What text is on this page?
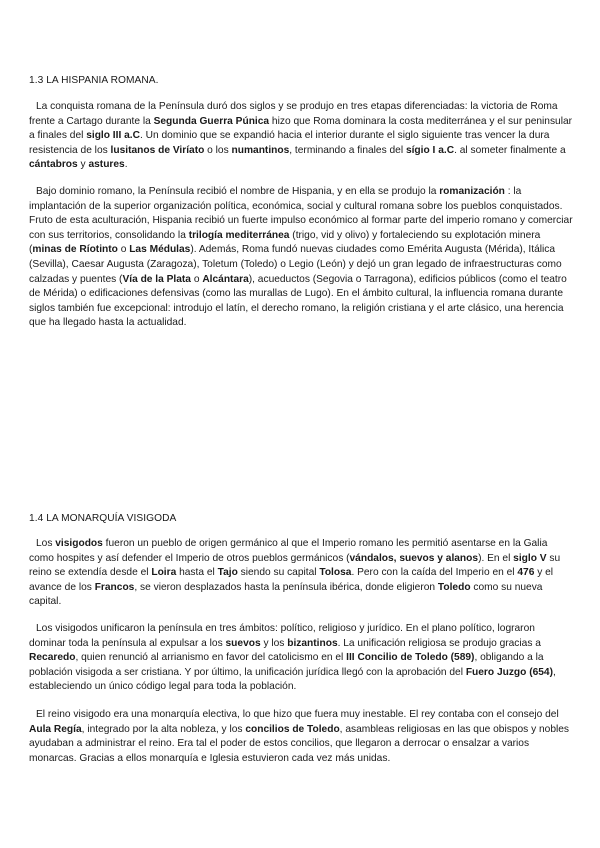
1.3 LA HISPANIA ROMANA.

La conquista romana de la Península duró dos siglos y se produjo en tres etapas diferenciadas: la victoria de Roma frente a Cartago durante la Segunda Guerra Púnica hizo que Roma dominara la costa mediterránea y el sur peninsular a finales del siglo III a.C. Un dominio que se expandió hacia el interior durante el siglo siguiente tras vencer la dura resistencia de los lusitanos de Viríato o los numantinos, terminando a finales del sígio I a.C. al someter finalmente a cántabros y astures.

Bajo dominio romano, la Península recibió el nombre de Hispania, y en ella se produjo la romanización : la implantación de la superior organización política, económica, social y cultural romana sobre los pueblos conquistados. Fruto de esta aculturación, Hispania recibió un fuerte impulso económico al formar parte del imperio romano y comerciar con sus territorios, consolidando la trilogía mediterránea (trigo, vid y olivo) y fortaleciendo su explotación minera (minas de Ríotinto o Las Médulas). Además, Roma fundó nuevas ciudades como Emérita Augusta (Mérida), Itálica (Sevilla), Caesar Augusta (Zaragoza), Toletum (Toledo) o Legio (León) y dejó un gran legado de infraestructuras como calzadas y puentes (Vía de la Plata o Alcántara), acueductos (Segovia o Tarragona), edificios públicos (como el teatro de Mérida) o edificaciones defensivas (como las murallas de Lugo). En el ámbito cultural, la influencia romana durante siglos también fue excepcional: introdujo el latín, el derecho romano, la religión cristiana y el arte clásico, una herencia que ha llegado hasta la actualidad.

1.4 LA MONARQUÍA VISIGODA

Los visigodos fueron un pueblo de origen germánico al que el Imperio romano les permitió asentarse en la Galia como hospites y así defender el Imperio de otros pueblos germánicos (vándalos, suevos y alanos). En el siglo V su reino se extendía desde el Loira hasta el Tajo siendo su capital Tolosa. Pero con la caída del Imperio en el 476 y el avance de los Francos, se vieron desplazados hasta la península ibérica, donde eligieron Toledo como su nueva capital.

Los visigodos unificaron la península en tres ámbitos: político, religioso y jurídico. En el plano político, lograron dominar toda la península al expulsar a los suevos y los bizantinos. La unificación religiosa se produjo gracias a Recaredo, quien renunció al arrianismo en favor del catolicismo en el III Concilio de Toledo (589), obligando a la población visigoda a ser cristiana. Y por último, la unificación jurídica llegó con la aprobación del Fuero Juzgo (654), estableciendo un único código legal para toda la población.

El reino visigodo era una monarquía electiva, lo que hizo que fuera muy inestable. El rey contaba con el consejo del Aula Regía, integrado por la alta nobleza, y los concilios de Toledo, asambleas religiosas en las que obispos y nobles ayudaban a administrar el reino. Era tal el poder de estos concilios, que llegaron a derrocar o ensalzar a varios monarcas. Gracias a ellos monarquía e Iglesia estuvieron cada vez más unidas.
